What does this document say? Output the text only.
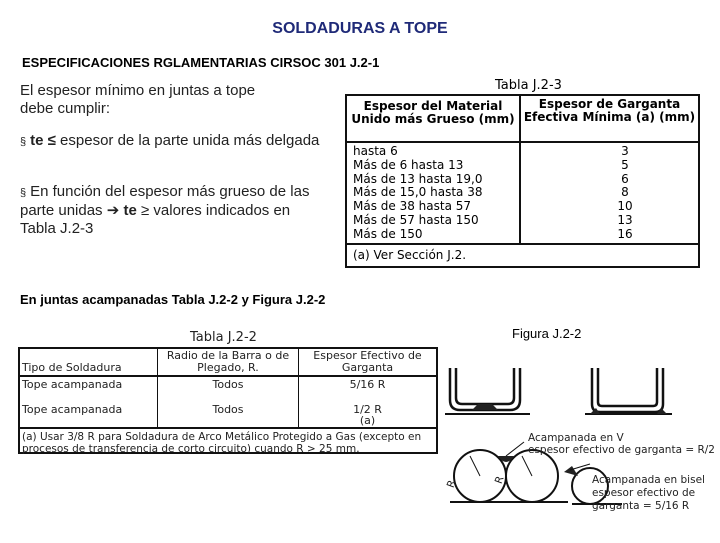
SOLDADURAS A TOPE
ESPECIFICACIONES RGLAMENTARIAS CIRSOC 301 J.2-1
El espesor mínimo en juntas a tope debe cumplir:
§ te ≤ espesor de la parte unida más delgada
§ En función del espesor más grueso de las parte unidas ➔ te ≥ valores indicados en Tabla J.2-3
Tabla J.2-3
Espesor del Material Unido más Grueso (mm)
Espesor de Garganta Efectiva Mínima (a) (mm)
hasta 6	3
Más de 6 hasta 13	5
Más de 13 hasta 19,0	6
Más de 15,0 hasta 38	8
Más de 38 hasta 57	10
Más de 57 hasta 150	13
Más de 150	16
(a) Ver Sección J.2.
En juntas acampanadas Tabla J.2-2 y Figura J.2-2
Figura J.2-2
Tabla J.2-2
Tipo de Soldadura
Radio de la Barra o de Plegado, R.
Espesor Efectivo de Garganta
Tope acampanada	Todos	5/16 R
Tope acampanada	Todos	1/2 R
(a)
(a) Usar 3/8 R para Soldadura de Arco Metálico Protegido a Gas (excepto en procesos de transferencia de corto circuito) cuando R > 25 mm.
R	R
Acampanada en V
espesor efectivo de garganta = R/2
Acampanada en bisel
espesor efectivo de
garganta = 5/16 R
